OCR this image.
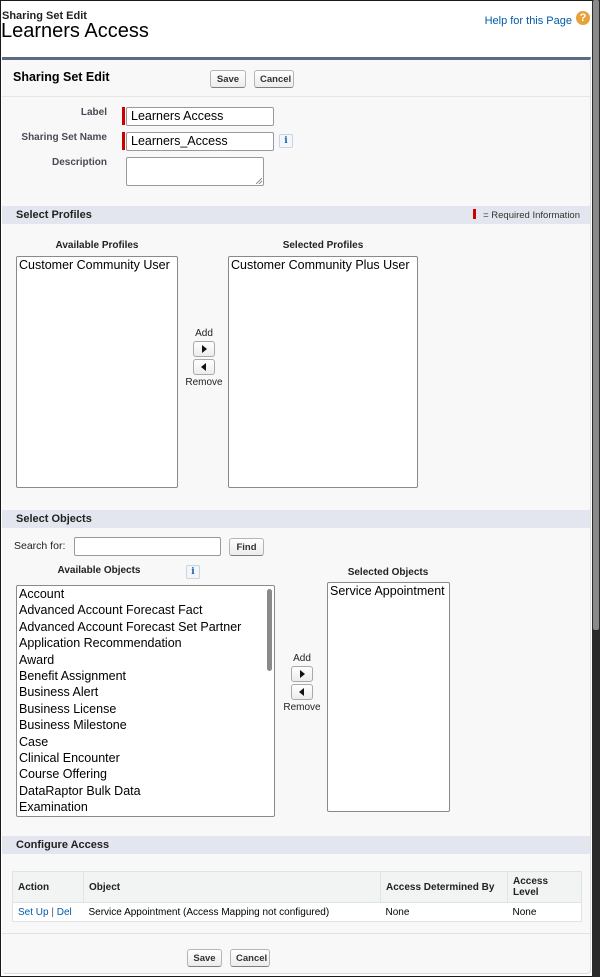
Sharing Set Edit
Learners Access	Help for this Page ?
Sharing Set Edit	Save	Cancel
Label	Learners Access
Sharing Set Name	Learners_Access	i
Description
Select Profiles	= Required Information
Available Profiles	Selected Profiles
Customer Community User
Add
Remove
Customer Community Plus User
Select Objects
Search for:	Find
Available Objects	i	Selected Objects
Account
Advanced Account Forecast Fact
Advanced Account Forecast Set Partner
Application Recommendation
Award
Benefit Assignment
Business Alert
Business License
Business Milestone
Case
Clinical Encounter
Course Offering
DataRaptor Bulk Data
Examination
Add
Remove
Service Appointment
Configure Access
Save	Cancel
Action	Object	Access Determined By	Access Level
Set Up | Del	Service Appointment (Access Mapping not configured)	None	None
